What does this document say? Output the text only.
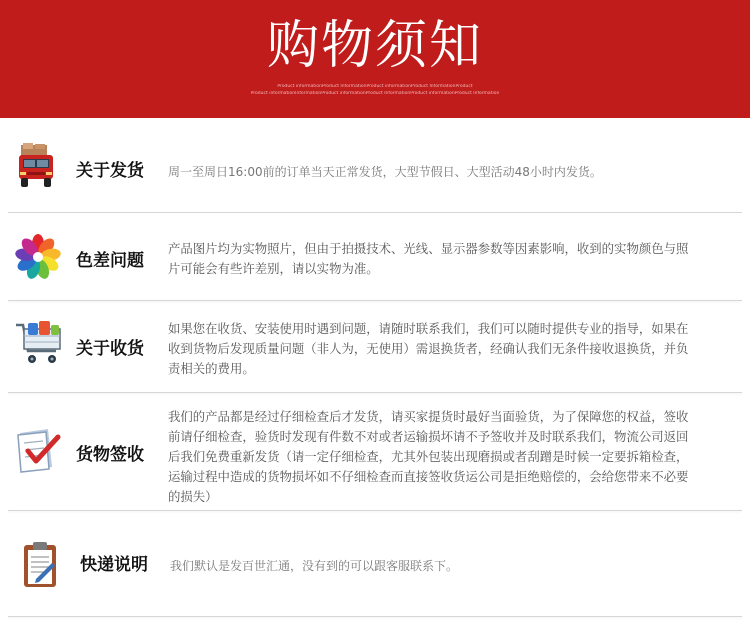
购物须知
Product informationProduct InformationProduct informationProduct InformationProduct
Product informationInformationProduct informationProduct InformationProduct informationProduct Information
关于发货 周一至周日16:00前的订单当天正常发货，大型节假日、大型活动48小时内发货。
色差问题
产品图片均为实物照片，但由于拍摄技术、光线、显示器参数等因素影响，收到的实物颜色与照片可能会有些许差别，请以实物为准。
关于收货
如果您在收货、安装使用时遇到问题，请随时联系我们，我们可以随时提供专业的指导，如果在收到货物后发现质量问题（非人为，无使用）需退换货者，经确认我们无条件接收退换货，并负责相关的费用。
货物签收
我们的产品都是经过仔细检查后才发货，请买家提货时最好当面验货，为了保障您的权益，签收前请仔细检查，验货时发现有件数不对或者运输损坏请不予签收并及时联系我们，物流公司返回后我们免费重新发货（请一定仔细检查，尤其外包装出现磨损或者刮蹭是时候一定要拆箱检查，运输过程中造成的货物损坏如不仔细检查而直接签收货运公司是拒绝赔偿的，会给您带来不必要的损失）
快递说明 我们默认是发百世汇通，没有到的可以跟客服联系下。
